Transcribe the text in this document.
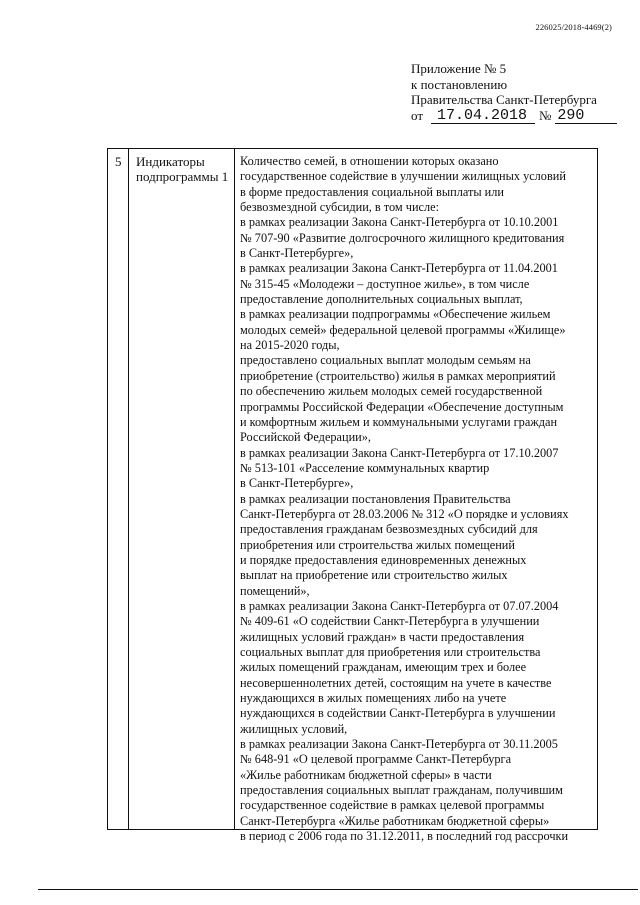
226025/2018-4469(2)
Приложение № 5
к постановлению
Правительства Санкт-Петербурга
от 17.04.2018 № 290
5 Индикаторы
подпрограммы 1
Количество семей, в отношении которых оказано
государственное содействие в улучшении жилищных условий
в форме предоставления социальной выплаты или
безвозмездной субсидии, в том числе:
в рамках реализации Закона Санкт-Петербурга от 10.10.2001
№ 707-90 «Развитие долгосрочного жилищного кредитования
в Санкт-Петербурге»,
в рамках реализации Закона Санкт-Петербурга от 11.04.2001
№ 315-45 «Молодежи – доступное жилье», в том числе
предоставление дополнительных социальных выплат,
в рамках реализации подпрограммы «Обеспечение жильем
молодых семей» федеральной целевой программы «Жилище»
на 2015-2020 годы,
предоставлено социальных выплат молодым семьям на
приобретение (строительство) жилья в рамках мероприятий
по обеспечению жильем молодых семей государственной
программы Российской Федерации «Обеспечение доступным
и комфортным жильем и коммунальными услугами граждан
Российской Федерации»,
в рамках реализации Закона Санкт-Петербурга от 17.10.2007
№ 513-101 «Расселение коммунальных квартир
в Санкт-Петербурге»,
в рамках реализации постановления Правительства
Санкт-Петербурга от 28.03.2006 № 312 «О порядке и условиях
предоставления гражданам безвозмездных субсидий для
приобретения или строительства жилых помещений
и порядке предоставления единовременных денежных
выплат на приобретение или строительство жилых
помещений»,
в рамках реализации Закона Санкт-Петербурга от 07.07.2004
№ 409-61 «О содействии Санкт-Петербурга в улучшении
жилищных условий граждан» в части предоставления
социальных выплат для приобретения или строительства
жилых помещений гражданам, имеющим трех и более
несовершеннолетних детей, состоящим на учете в качестве
нуждающихся в жилых помещениях либо на учете
нуждающихся в содействии Санкт-Петербурга в улучшении
жилищных условий,
в рамках реализации Закона Санкт-Петербурга от 30.11.2005
№ 648-91 «О целевой программе Санкт-Петербурга
«Жилье работникам бюджетной сферы» в части
предоставления социальных выплат гражданам, получившим
государственное содействие в рамках целевой программы
Санкт-Петербурга «Жилье работникам бюджетной сферы»
в период с 2006 года по 31.12.2011, в последний год рассрочки
